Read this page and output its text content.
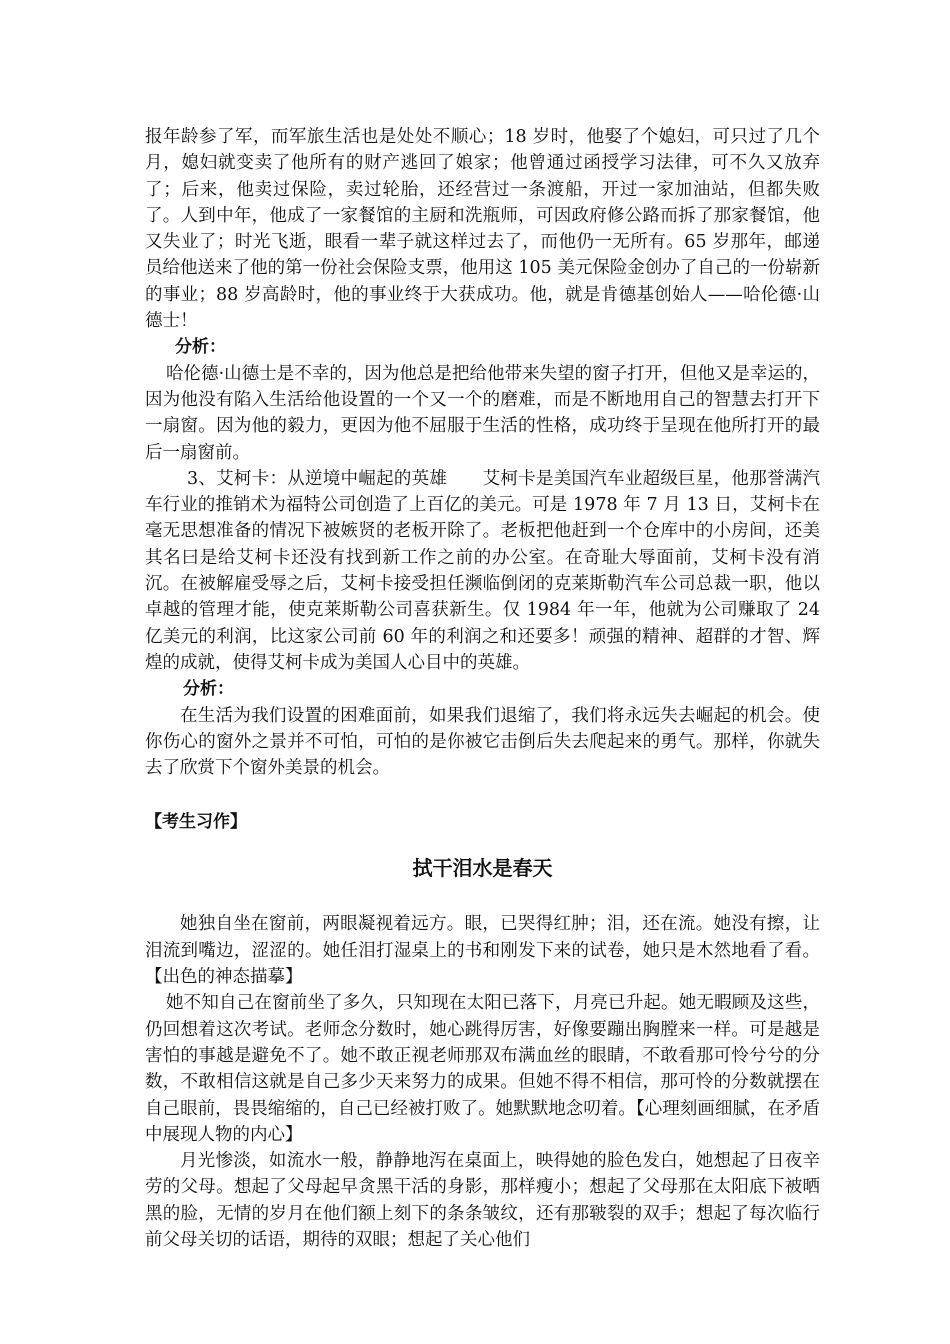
报年龄参了军，而军旅生活也是处处不顺心；18 岁时，他娶了个媳妇，可只过了几个月，媳妇就变卖了他所有的财产逃回了娘家；他曾通过函授学习法律，可不久又放弃了；后来，他卖过保险，卖过轮胎，还经营过一条渡船，开过一家加油站，但都失败了。人到中年，他成了一家餐馆的主厨和洗瓶师，可因政府修公路而拆了那家餐馆，他又失业了；时光飞逝，眼看一辈子就这样过去了，而他仍一无所有。65 岁那年，邮递员给他送来了他的第一份社会保险支票，他用这 105 美元保险金创办了自己的一份崭新的事业；88 岁高龄时，他的事业终于大获成功。他，就是肯德基创始人——哈伦德·山德士！

分析：

哈伦德·山德士是不幸的，因为他总是把给他带来失望的窗子打开，但他又是幸运的，因为他没有陷入生活给他设置的一个又一个的磨难，而是不断地用自己的智慧去打开下一扇窗。因为他的毅力，更因为他不屈服于生活的性格，成功终于呈现在他所打开的最后一扇窗前。

3、艾柯卡：从逆境中崛起的英雄　　艾柯卡是美国汽车业超级巨星，他那誉满汽车行业的推销术为福特公司创造了上百亿的美元。可是 1978 年 7 月 13 日，艾柯卡在毫无思想准备的情况下被嫉贤的老板开除了。老板把他赶到一个仓库中的小房间，还美其名曰是给艾柯卡还没有找到新工作之前的办公室。在奇耻大辱面前，艾柯卡没有消沉。在被解雇受辱之后，艾柯卡接受担任濒临倒闭的克莱斯勒汽车公司总裁一职，他以卓越的管理才能，使克莱斯勒公司喜获新生。仅 1984 年一年，他就为公司赚取了 24 亿美元的利润，比这家公司前 60 年的利润之和还要多！顽强的精神、超群的才智、辉煌的成就，使得艾柯卡成为美国人心目中的英雄。

分析：

在生活为我们设置的困难面前，如果我们退缩了，我们将永远失去崛起的机会。使你伤心的窗外之景并不可怕，可怕的是你被它击倒后失去爬起来的勇气。那样，你就失去了欣赏下个窗外美景的机会。

【考生习作】
拭干泪水是春天

她独自坐在窗前，两眼凝视着远方。眼，已哭得红肿；泪，还在流。她没有擦，让泪流到嘴边，涩涩的。她任泪打湿桌上的书和刚发下来的试卷，她只是木然地看了看。【出色的神态描摹】

她不知自己在窗前坐了多久，只知现在太阳已落下，月亮已升起。她无暇顾及这些，仍回想着这次考试。老师念分数时，她心跳得厉害，好像要蹦出胸膛来一样。可是越是害怕的事越是避免不了。她不敢正视老师那双布满血丝的眼睛，不敢看那可怜兮兮的分数，不敢相信这就是自己多少天来努力的成果。但她不得不相信，那可怜的分数就摆在自己眼前，畏畏缩缩的，自己已经被打败了。她默默地念叨着。【心理刻画细腻，在矛盾中展现人物的内心】

月光惨淡，如流水一般，静静地泻在桌面上，映得她的脸色发白，她想起了日夜辛劳的父母。想起了父母起早贪黑干活的身影，那样瘦小；想起了父母那在太阳底下被晒黑的脸，无情的岁月在他们额上刻下的条条皱纹，还有那皲裂的双手；想起了每次临行前父母关切的话语，期待的双眼；想起了关心他们
